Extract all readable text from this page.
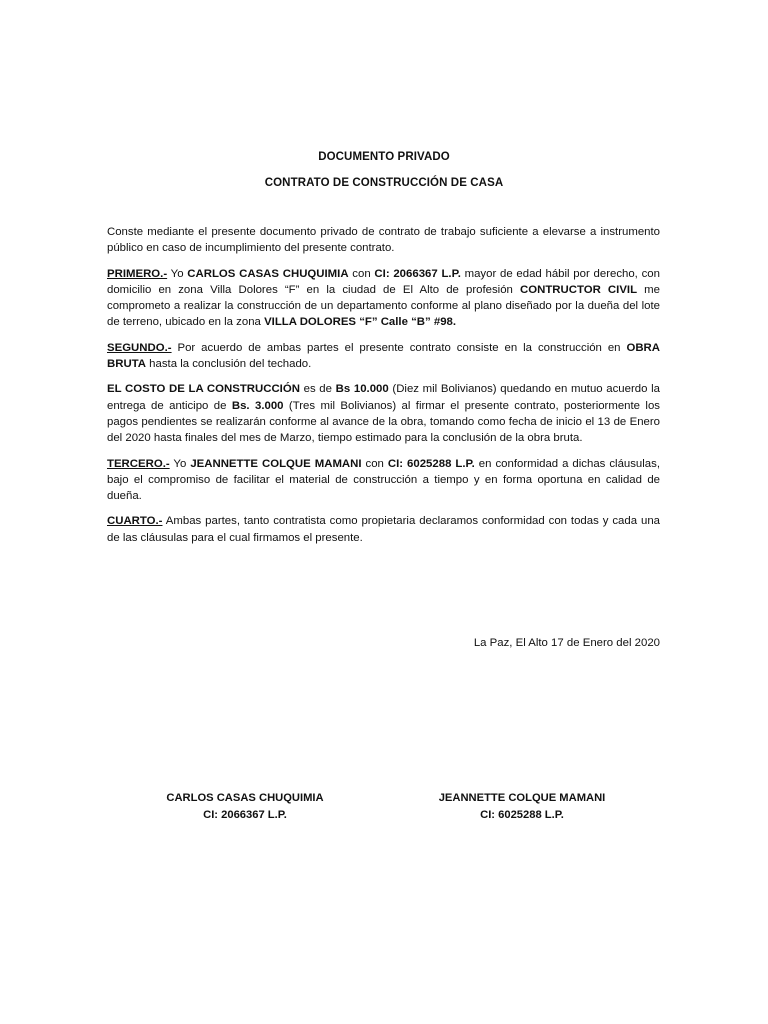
DOCUMENTO PRIVADO
CONTRATO DE CONSTRUCCIÓN DE CASA

Conste mediante el presente documento privado de contrato de trabajo suficiente a elevarse a instrumento público en caso de incumplimiento del presente contrato.

PRIMERO.- Yo CARLOS CASAS CHUQUIMIA con CI: 2066367 L.P. mayor de edad hábil por derecho, con domicilio en zona Villa Dolores “F” en la ciudad de El Alto de profesión CONTRUCTOR CIVIL me comprometo a realizar la construcción de un departamento conforme al plano diseñado por la dueña del lote de terreno, ubicado en la zona VILLA DOLORES “F” Calle “B” #98.

SEGUNDO.- Por acuerdo de ambas partes el presente contrato consiste en la construcción en OBRA BRUTA hasta la conclusión del techado.

EL COSTO DE LA CONSTRUCCIÓN es de Bs 10.000 (Diez mil Bolivianos) quedando en mutuo acuerdo la entrega de anticipo de Bs. 3.000 (Tres mil Bolivianos) al firmar el presente contrato, posteriormente los pagos pendientes se realizarán conforme al avance de la obra, tomando como fecha de inicio el 13 de Enero del 2020 hasta finales del mes de Marzo, tiempo estimado para la conclusión de la obra bruta.

TERCERO.- Yo JEANNETTE COLQUE MAMANI con CI: 6025288 L.P. en conformidad a dichas cláusulas, bajo el compromiso de facilitar el material de construcción a tiempo y en forma oportuna en calidad de dueña.

CUARTO.- Ambas partes, tanto contratista como propietaria declaramos conformidad con todas y cada una de las cláusulas para el cual firmamos el presente.

La Paz, El Alto 17 de Enero del 2020
CARLOS CASAS CHUQUIMIA
CI: 2066367 L.P.
JEANNETTE COLQUE MAMANI
CI: 6025288 L.P.
